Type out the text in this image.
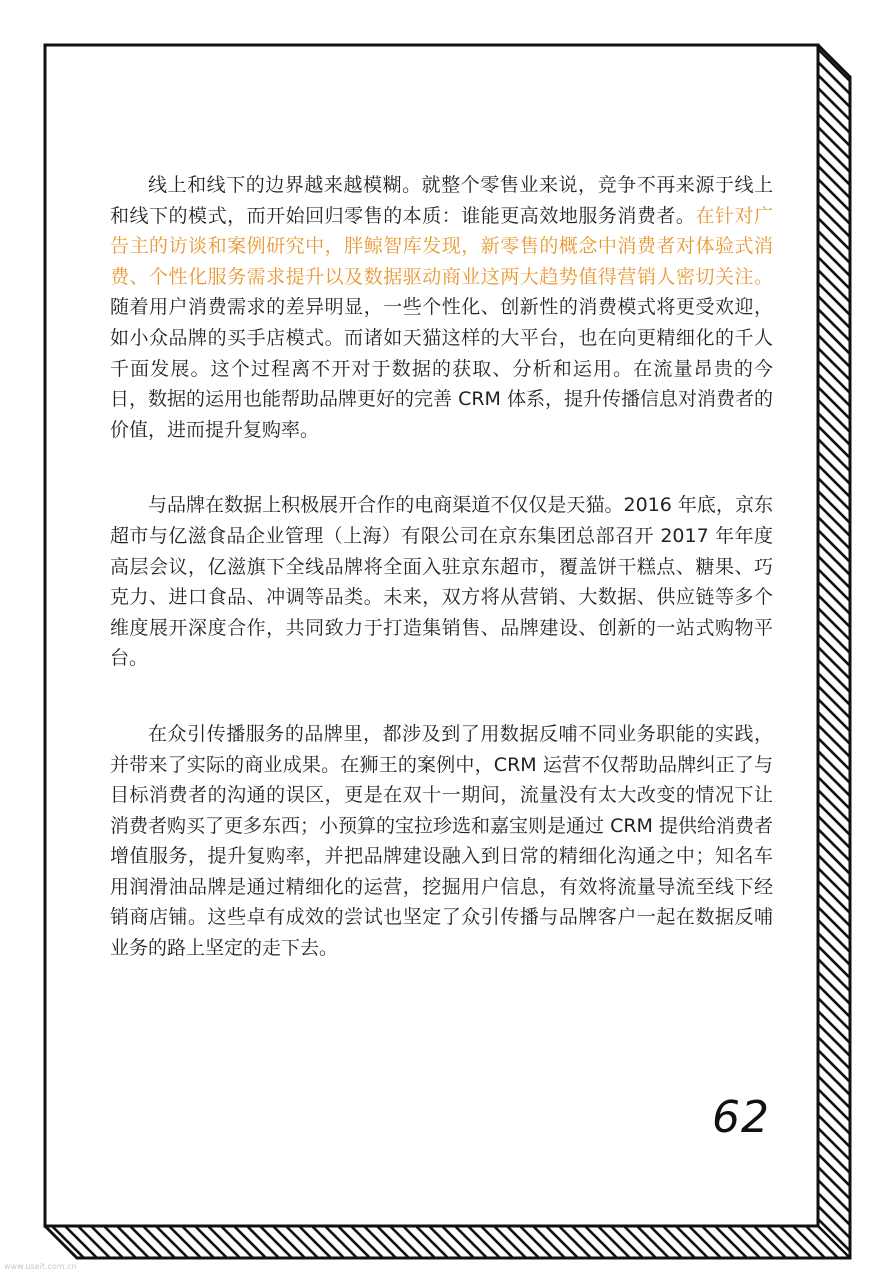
线上和线下的边界越来越模糊。就整个零售业来说，竞争不再来源于线上和线下的模式，而开始回归零售的本质：谁能更高效地服务消费者。在针对广告主的访谈和案例研究中，胖鲸智库发现，新零售的概念中消费者对体验式消费、个性化服务需求提升以及数据驱动商业这两大趋势值得营销人密切关注。随着用户消费需求的差异明显，一些个性化、创新性的消费模式将更受欢迎，如小众品牌的买手店模式。而诸如天猫这样的大平台，也在向更精细化的千人千面发展。这个过程离不开对于数据的获取、分析和运用。在流量昂贵的今日，数据的运用也能帮助品牌更好的完善 CRM 体系，提升传播信息对消费者的价值，进而提升复购率。

与品牌在数据上积极展开合作的电商渠道不仅仅是天猫。2016 年底，京东超市与亿滋食品企业管理（上海）有限公司在京东集团总部召开 2017 年年度高层会议，亿滋旗下全线品牌将全面入驻京东超市，覆盖饼干糕点、糖果、巧克力、进口食品、冲调等品类。未来，双方将从营销、大数据、供应链等多个维度展开深度合作，共同致力于打造集销售、品牌建设、创新的一站式购物平台。

在众引传播服务的品牌里，都涉及到了用数据反哺不同业务职能的实践，并带来了实际的商业成果。在狮王的案例中，CRM 运营不仅帮助品牌纠正了与目标消费者的沟通的误区，更是在双十一期间，流量没有太大改变的情况下让消费者购买了更多东西；小预算的宝拉珍选和嘉宝则是通过 CRM 提供给消费者增值服务，提升复购率，并把品牌建设融入到日常的精细化沟通之中；知名车用润滑油品牌是通过精细化的运营，挖掘用户信息，有效将流量导流至线下经销商店铺。这些卓有成效的尝试也坚定了众引传播与品牌客户一起在数据反哺业务的路上坚定的走下去。

62
www.useit.com.cn
